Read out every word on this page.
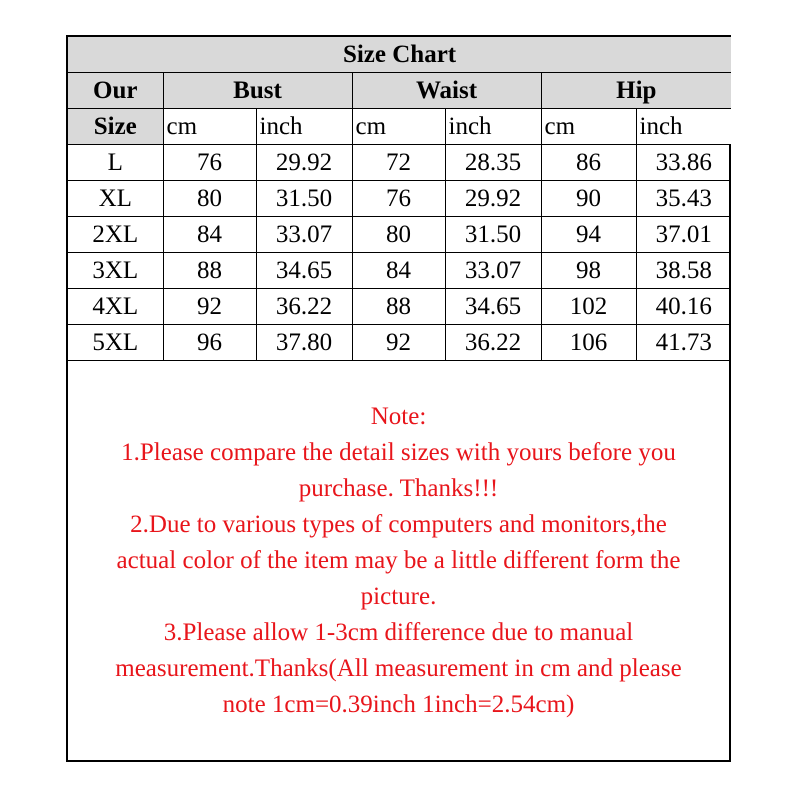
Size Chart						
Our	Bust		Waist		Hip	
Size	cm	inch	cm	inch	cm	inch
L	76	29.92	72	28.35	86	33.86
XL	80	31.50	76	29.92	90	35.43
2XL	84	33.07	80	31.50	94	37.01
3XL	88	34.65	84	33.07	98	38.58
4XL	92	36.22	88	34.65	102	40.16
5XL	96	37.80	92	36.22	106	41.73
Note:
1.Please compare the detail sizes with yours before you
purchase. Thanks!!!
2.Due to various types of computers and monitors,the
actual color of the item may be a little different form the
picture.
3.Please allow 1-3cm difference due to manual
measurement.Thanks(All measurement in cm and please
note 1cm=0.39inch 1inch=2.54cm)
